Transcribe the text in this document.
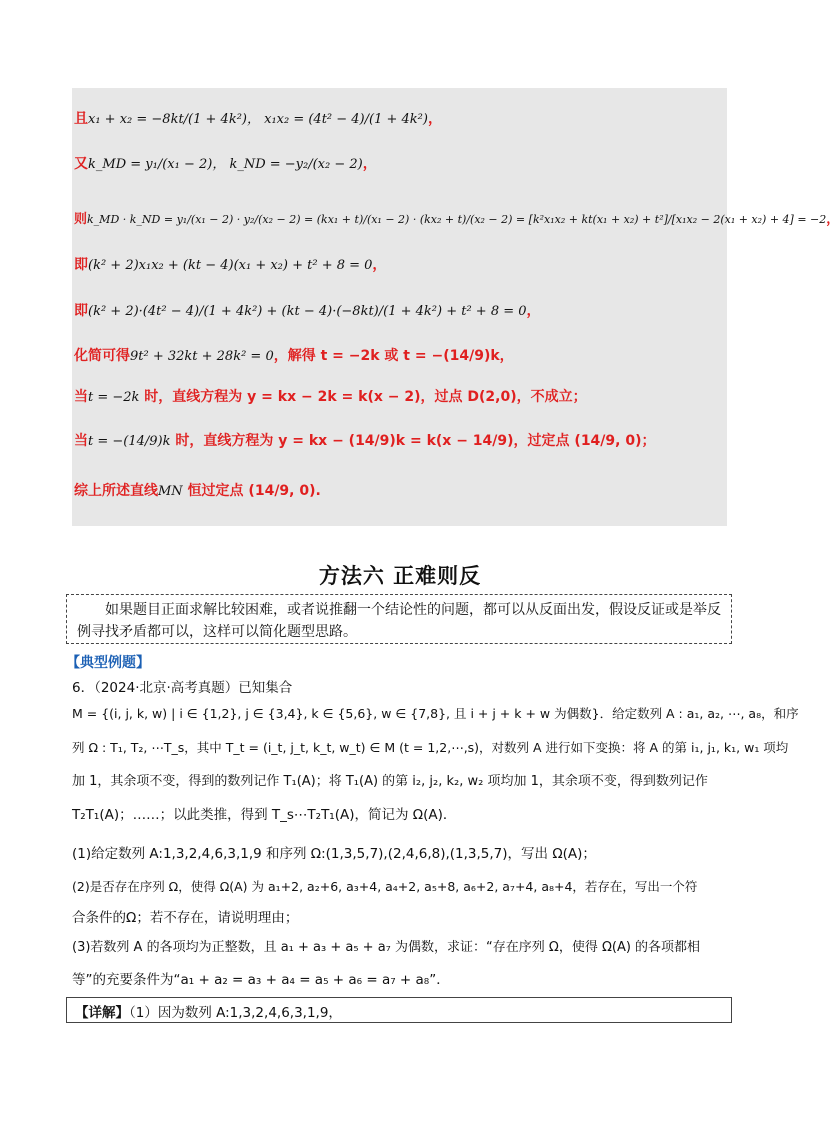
且x₁ + x₂ = −8kt/(1 + 4k²)， x₁x₂ = (4t² − 4)/(1 + 4k²)，
又k_MD = y₁/(x₁ − 2)， k_ND = −y₂/(x₂ − 2)，
则k_MD · k_ND = y₁/(x₁ − 2) · y₂/(x₂ − 2) = (kx₁ + t)/(x₁ − 2) · (kx₂ + t)/(x₂ − 2) = [k²x₁x₂ + kt(x₁ + x₂) + t²]/[x₁x₂ − 2(x₁ + x₂) + 4] = −2，
即(k² + 2)x₁x₂ + (kt − 4)(x₁ + x₂) + t² + 8 = 0，
即(k² + 2)·(4t² − 4)/(1 + 4k²) + (kt − 4)·(−8kt)/(1 + 4k²) + t² + 8 = 0，
化简可得9t² + 32kt + 28k² = 0，解得 t = −2k 或 t = −(14/9)k，
当t = −2k 时，直线方程为 y = kx − 2k = k(x − 2)，过点 D(2,0)，不成立；
当t = −(14/9)k 时，直线方程为 y = kx − (14/9)k = k(x − 14/9)，过定点 (14/9, 0)；
综上所述直线MN 恒过定点 (14/9, 0).
方法六 正难则反
如果题目正面求解比较困难，或者说推翻一个结论性的问题，都可以从反面出发，假设反证或是举反例寻找矛盾都可以，这样可以简化题型思路。
【典型例题】
6．（2024·北京·高考真题）已知集合
M = {(i, j, k, w) | i ∈ {1,2}, j ∈ {3,4}, k ∈ {5,6}, w ∈ {7,8}, 且 i + j + k + w 为偶数}．给定数列 A : a₁, a₂, ⋯, a₈，和序
列 Ω : T₁, T₂, ⋯T_s，其中 T_t = (i_t, j_t, k_t, w_t) ∈ M (t = 1,2,⋯,s)，对数列 A 进行如下变换：将 A 的第 i₁, j₁, k₁, w₁ 项均
加 1，其余项不变，得到的数列记作 T₁(A)；将 T₁(A) 的第 i₂, j₂, k₂, w₂ 项均加 1，其余项不变，得到数列记作
T₂T₁(A)；……；以此类推，得到 T_s⋯T₂T₁(A)，简记为 Ω(A)．
(1)给定数列 A:1,3,2,4,6,3,1,9 和序列 Ω:(1,3,5,7),(2,4,6,8),(1,3,5,7)，写出 Ω(A)；
(2)是否存在序列 Ω，使得 Ω(A) 为 a₁+2, a₂+6, a₃+4, a₄+2, a₅+8, a₆+2, a₇+4, a₈+4，若存在，写出一个符
合条件的Ω；若不存在，请说明理由；
(3)若数列 A 的各项均为正整数，且 a₁ + a₃ + a₅ + a₇ 为偶数，求证：“存在序列 Ω，使得 Ω(A) 的各项都相
等”的充要条件为“a₁ + a₂ = a₃ + a₄ = a₅ + a₆ = a₇ + a₈”．
【详解】（1）因为数列 A:1,3,2,4,6,3,1,9，
